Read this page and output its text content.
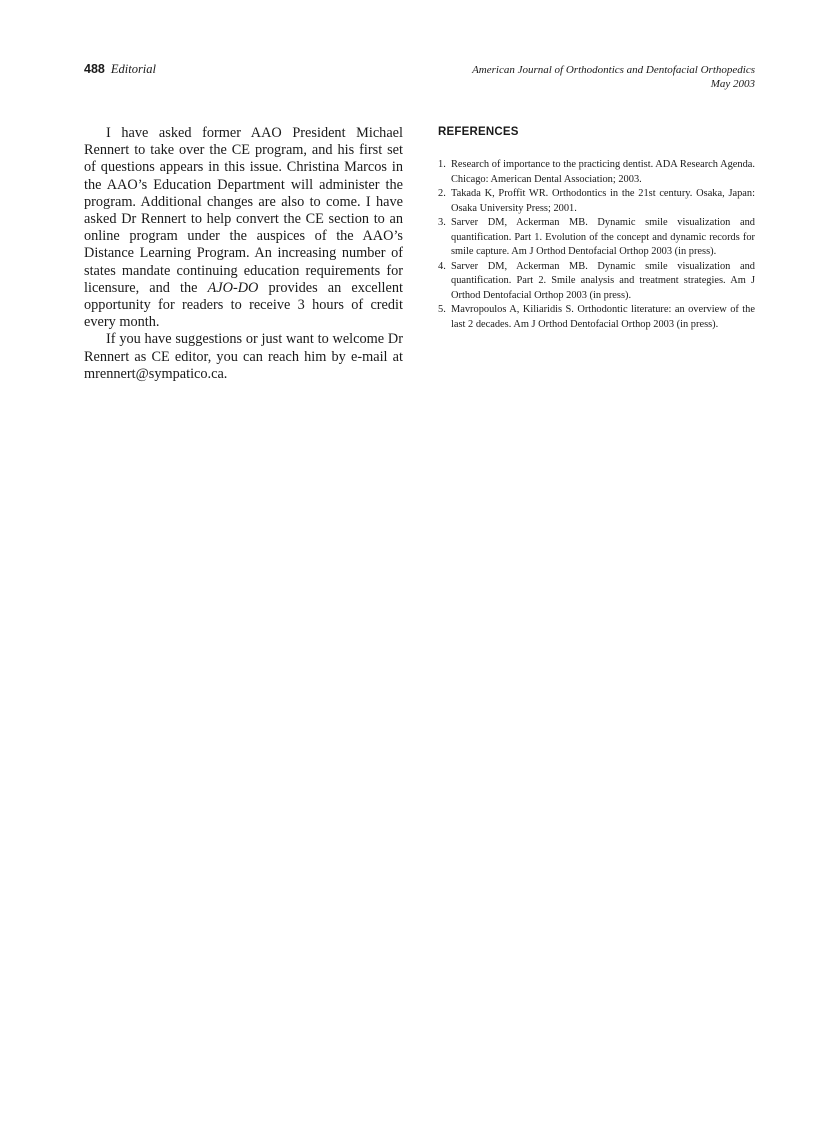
488 Editorial	American Journal of Orthodontics and Dentofacial Orthopedics
May 2003

I have asked former AAO President Michael Rennert to take over the CE program, and his first set of questions appears in this issue. Christina Marcos in the AAO’s Education Department will administer the program. Additional changes are also to come. I have asked Dr Rennert to help convert the CE section to an online program under the auspices of the AAO’s Distance Learning Program. An increasing number of states mandate continuing education requirements for licensure, and the AJO-DO provides an excellent opportunity for readers to receive 3 hours of credit every month.

If you have suggestions or just want to welcome Dr Rennert as CE editor, you can reach him by e-mail at mrennert@sympatico.ca.

REFERENCES
1. Research of importance to the practicing dentist. ADA Research Agenda. Chicago: American Dental Association; 2003.
2. Takada K, Proffit WR. Orthodontics in the 21st century. Osaka, Japan: Osaka University Press; 2001.
3. Sarver DM, Ackerman MB. Dynamic smile visualization and quantification. Part 1. Evolution of the concept and dynamic records for smile capture. Am J Orthod Dentofacial Orthop 2003 (in press).
4. Sarver DM, Ackerman MB. Dynamic smile visualization and quantification. Part 2. Smile analysis and treatment strategies. Am J Orthod Dentofacial Orthop 2003 (in press).
5. Mavropoulos A, Kiliaridis S. Orthodontic literature: an overview of the last 2 decades. Am J Orthod Dentofacial Orthop 2003 (in press).
